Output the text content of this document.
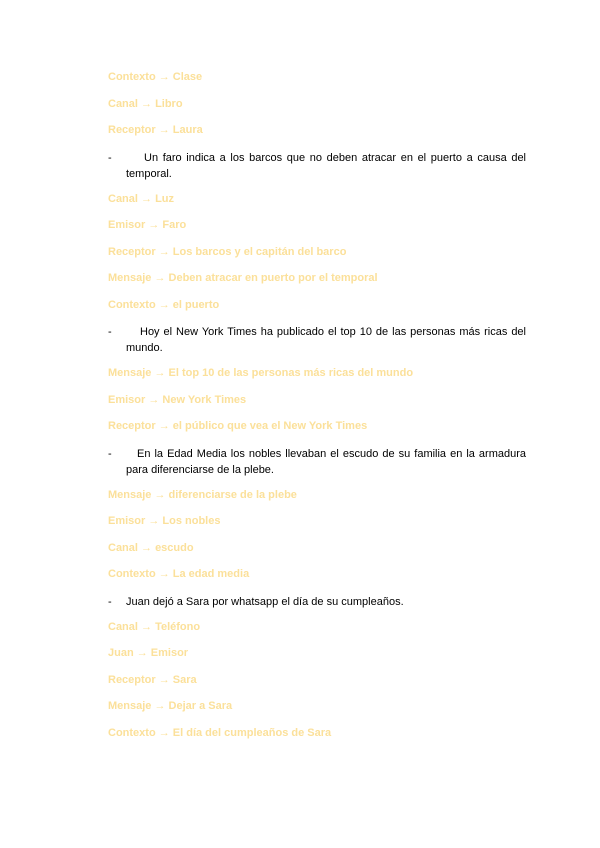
Contexto → Clase
Canal → Libro
Receptor → Laura
-	Un faro indica a los barcos que no deben atracar en el puerto a causa del temporal.
Canal → Luz
Emisor → Faro
Receptor → Los barcos y el capitán del barco
Mensaje → Deben atracar en puerto por el temporal
Contexto → el puerto
-	Hoy el New York Times ha publicado el top 10 de las personas más ricas del mundo.
Mensaje → El top 10 de las personas más ricas del mundo
Emisor → New York Times
Receptor → el público que vea el New York Times
-	En la Edad Media los nobles llevaban el escudo de su familia en la armadura para diferenciarse de la plebe.
Mensaje → diferenciarse de la plebe
Emisor → Los nobles
Canal → escudo
Contexto → La edad media
-	Juan dejó a Sara por whatsapp el día de su cumpleaños.
Canal → Teléfono
Juan → Emisor
Receptor → Sara
Mensaje → Dejar a Sara
Contexto → El día del cumpleaños de Sara
